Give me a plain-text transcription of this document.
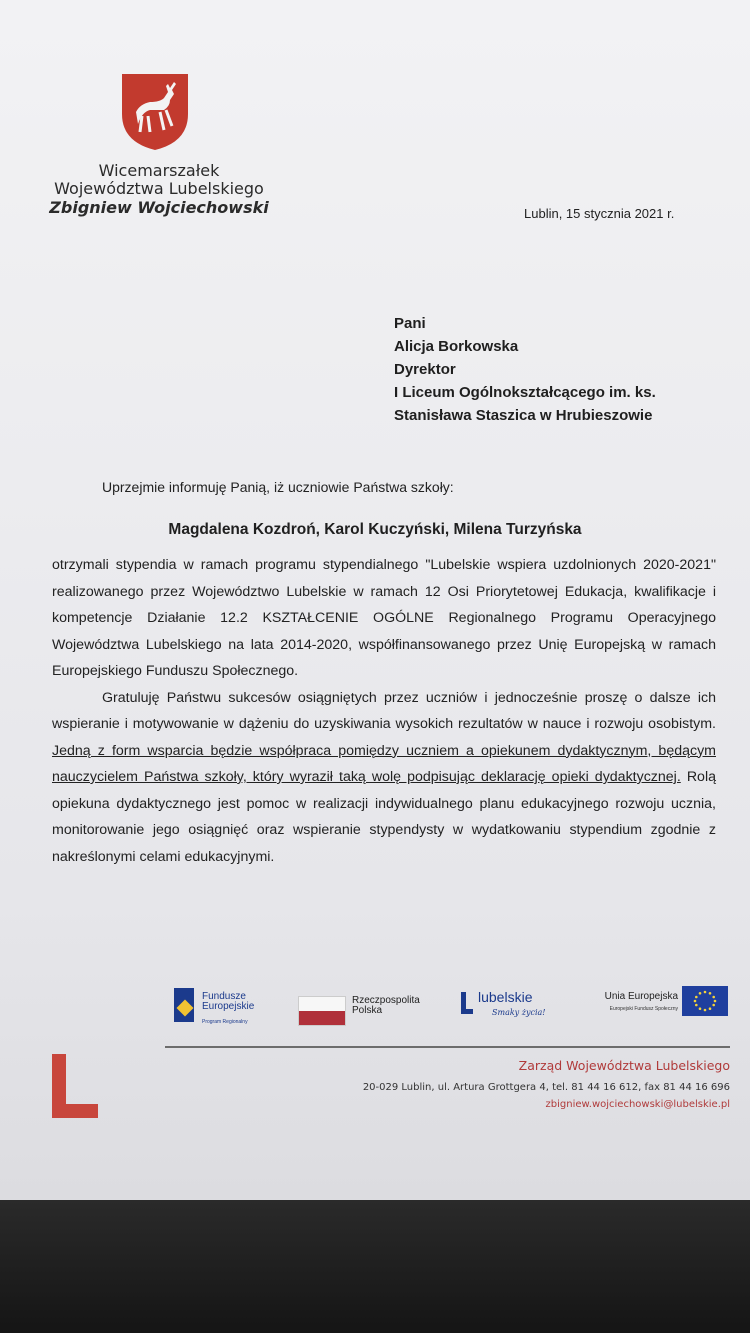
Wicemarszałek
Województwa Lubelskiego
Zbigniew Wojciechowski	Lublin, 15 stycznia 2021 r.
Pani
Alicja Borkowska
Dyrektor
I Liceum Ogólnokształcącego im. ks.
Stanisława Staszica w Hrubieszowie
Uprzejmie informuję Panią, iż uczniowie Państwa szkoły:
Magdalena Kozdroń, Karol Kuczyński, Milena Turzyńska

otrzymali stypendia w ramach programu stypendialnego "Lubelskie wspiera uzdolnionych 2020-2021" realizowanego przez Województwo Lubelskie w ramach 12 Osi Priorytetowej Edukacja, kwalifikacje i kompetencje Działanie 12.2 KSZTAŁCENIE OGÓLNE Regionalnego Programu Operacyjnego Województwa Lubelskiego na lata 2014-2020, współfinansowanego przez Unię Europejską w ramach Europejskiego Funduszu Społecznego.

Gratuluję Państwu sukcesów osiągniętych przez uczniów i jednocześnie proszę o dalsze ich wspieranie i motywowanie w dążeniu do uzyskiwania wysokich rezultatów w nauce i rozwoju osobistym. Jedną z form wsparcia będzie współpraca pomiędzy uczniem a opiekunem dydaktycznym, będącym nauczycielem Państwa szkoły, który wyraził taką wolę podpisując deklarację opieki dydaktycznej. Rolą opiekuna dydaktycznego jest pomoc w realizacji indywidualnego planu edukacyjnego rozwoju ucznia, monitorowanie jego osiągnięć oraz wspieranie stypendysty w wydatkowaniu stypendium zgodnie z nakreślonymi celami edukacyjnymi.

Fundusze
Europejskie
Program Regionalny
Rzeczpospolita
Polska
lubelskie
Smaky życia!
Unia Europejska
Europejski Fundusz Społeczny
Zarząd Województwa Lubelskiego
20-029 Lublin, ul. Artura Grottgera 4, tel. 81 44 16 612, fax 81 44 16 696
zbigniew.wojciechowski@lubelskie.pl
